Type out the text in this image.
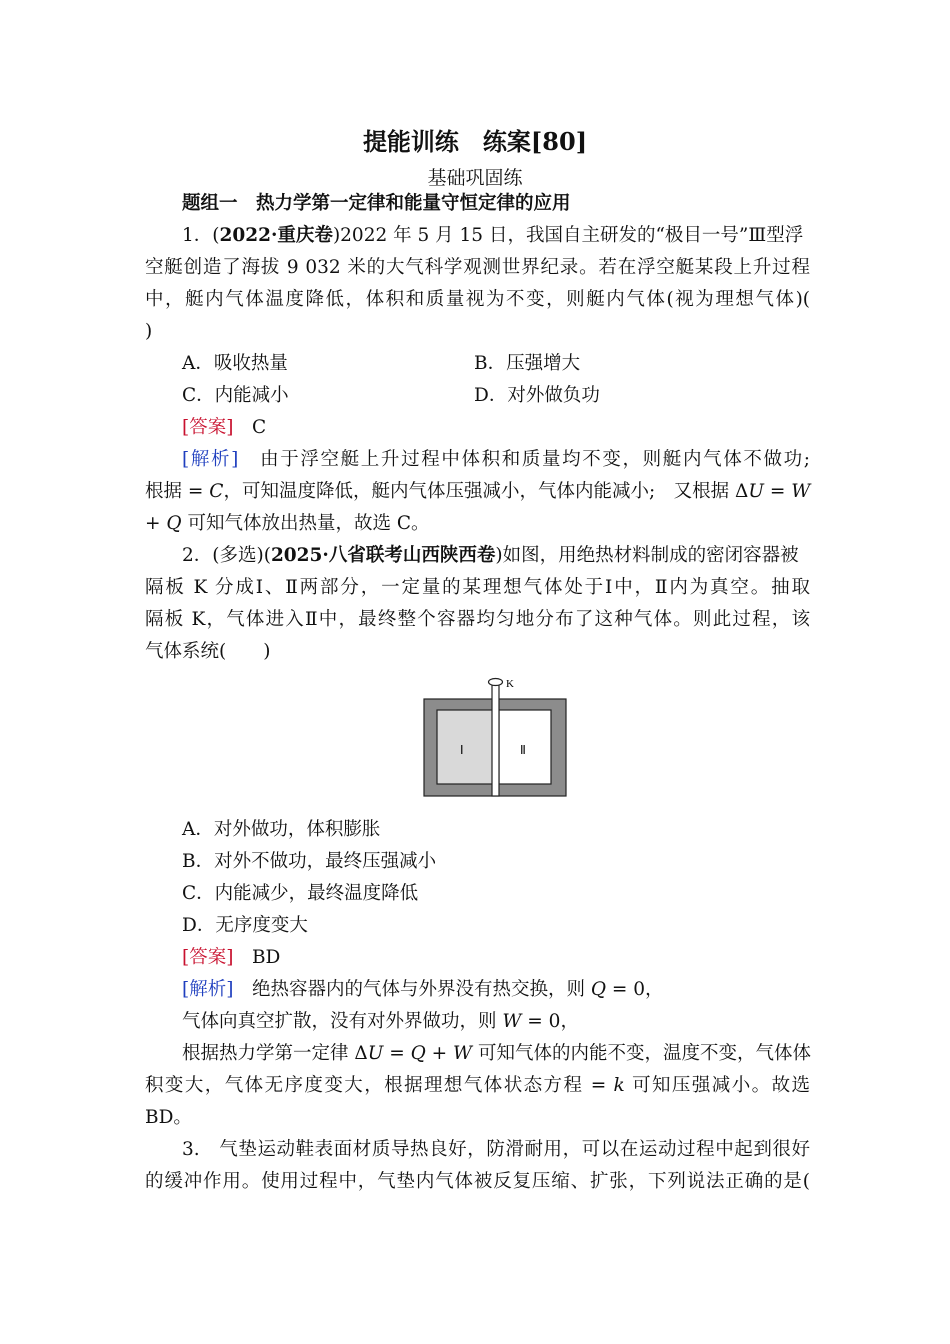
提能训练　练案[80]
基础巩固练
题组一　热力学第一定律和能量守恒定律的应用
1．(2022·重庆卷)2022 年 5 月 15 日，我国自主研发的“极目一号”Ⅲ型浮
空艇创造了海拔 9 032 米的大气科学观测世界纪录。若在浮空艇某段上升过程
中，艇内气体温度降低，体积和质量视为不变，则艇内气体(视为理想气体)(
)
A．吸收热量	B．压强增大
C．内能减小	D．对外做负功
[答案]　 C
[解析]　 由于浮空艇上升过程中体积和质量均不变，则艇内气体不做功;
根据 = C，可知温度降低，艇内气体压强减小，气体内能减小;　又根据 ΔU = W
+ Q 可知气体放出热量，故选 C。
2．(多选)(2025·八省联考山西陕西卷)如图，用绝热材料制成的密闭容器被
隔板 K 分成Ⅰ、Ⅱ两部分，一定量的某理想气体处于Ⅰ中，Ⅱ内为真空。抽取
隔板 K，气体进入Ⅱ中，最终整个容器均匀地分布了这种气体。则此过程，该
气体系统(　　)
K
Ⅰ	Ⅱ
A．对外做功，体积膨胀
B．对外不做功，最终压强减小
C．内能减少，最终温度降低
D．无序度变大
[答案]　 BD
[解析]　 绝热容器内的气体与外界没有热交换，则 Q = 0，
气体向真空扩散，没有对外界做功，则 W = 0，
根据热力学第一定律 ΔU = Q + W 可知气体的内能不变，温度不变，气体体
积变大，气体无序度变大，根据理想气体状态方程 = k 可知压强减小。故选
BD。
3.　气垫运动鞋表面材质导热良好，防滑耐用，可以在运动过程中起到很好
的缓冲作用。使用过程中，气垫内气体被反复压缩、扩张，下列说法正确的是(
